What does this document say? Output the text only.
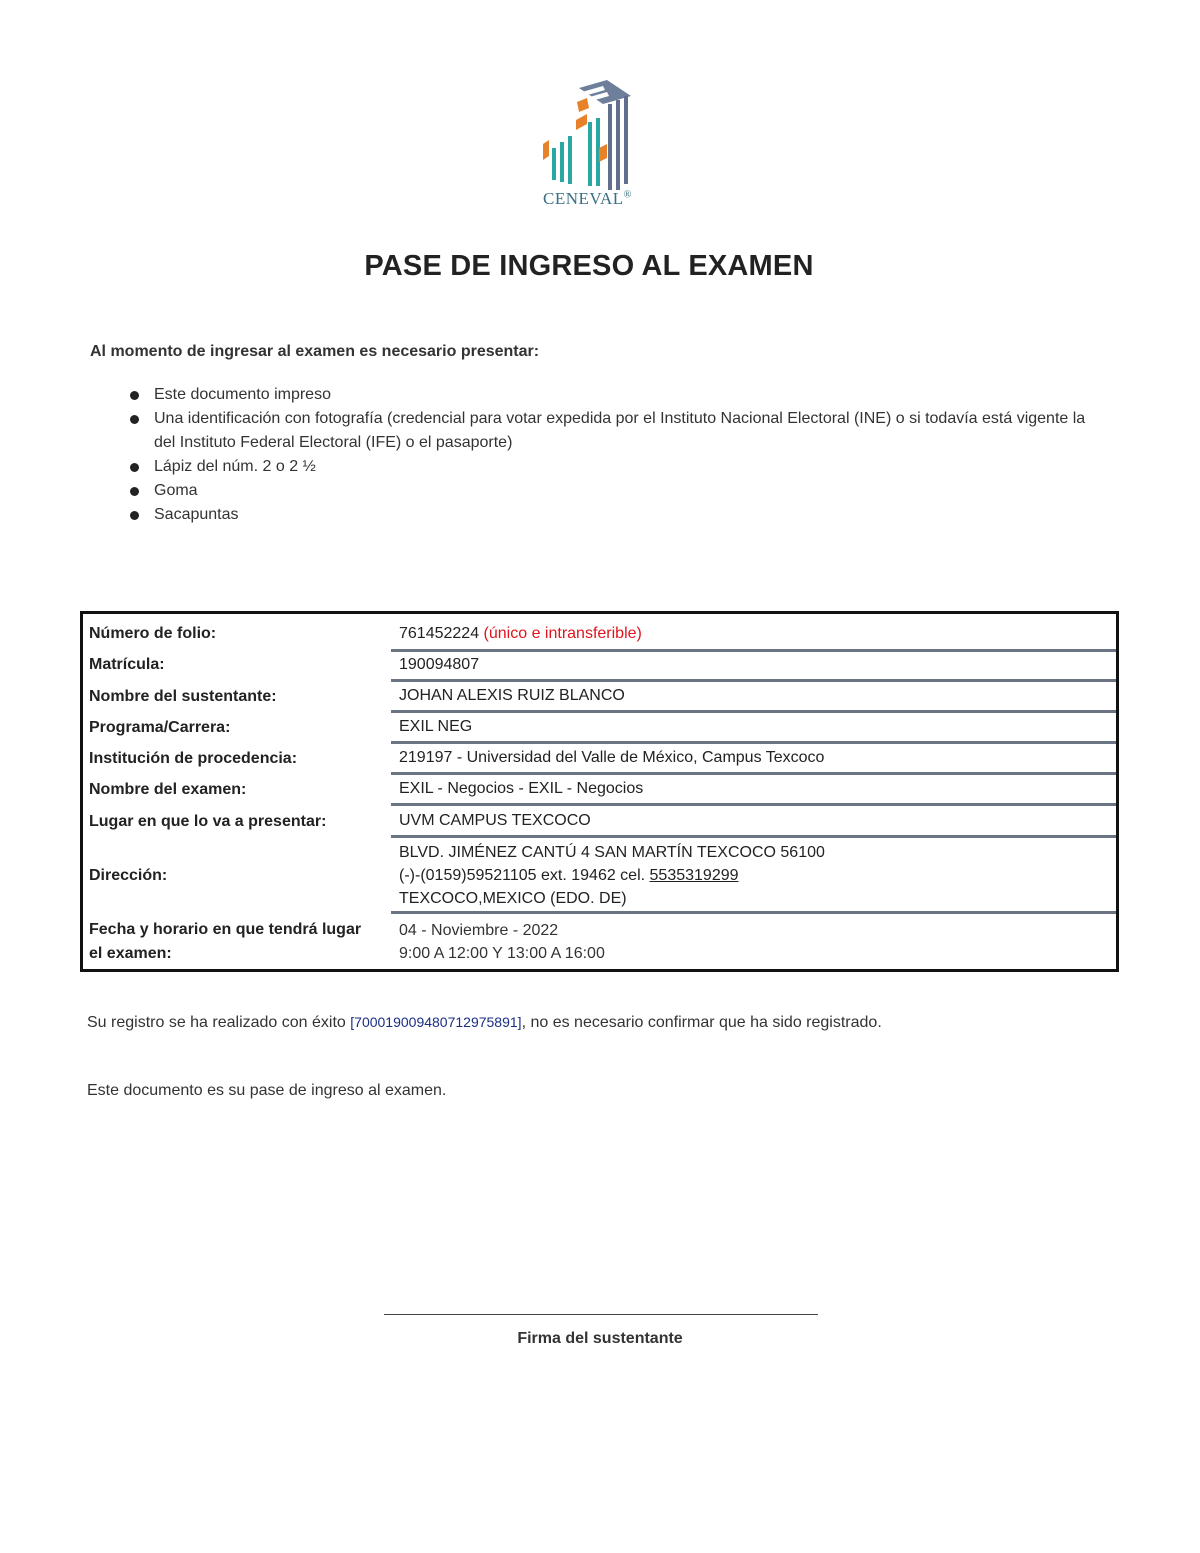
CENEVAL®
PASE DE INGRESO AL EXAMEN
Al momento de ingresar al examen es necesario presentar:
Este documento impreso
Una identificación con fotografía (credencial para votar expedida por el Instituto Nacional Electoral (INE) o si todavía está vigente la del Instituto Federal Electoral (IFE) o el pasaporte)
Lápiz del núm. 2 o 2 ½
Goma
Sacapuntas
Número de folio:	761452224 (único e intransferible)
Matrícula:	190094807
Nombre del sustentante:	JOHAN ALEXIS RUIZ BLANCO
Programa/Carrera:	EXIL NEG
Institución de procedencia:	219197 - Universidad del Valle de México, Campus Texcoco
Nombre del examen:	EXIL - Negocios - EXIL - Negocios
Lugar en que lo va a presentar:	UVM CAMPUS TEXCOCO
Dirección:
BLVD. JIMÉNEZ CANTÚ 4 SAN MARTÍN TEXCOCO 56100
(-)-(0159)59521105 ext. 19462 cel. 5535319299
TEXCOCO,MEXICO (EDO. DE)
Fecha y horario en que tendrá lugar
el examen:
04 - Noviembre - 2022
9:00 A 12:00 Y 13:00 A 16:00
Su registro se ha realizado con éxito [7000190094807129758​91], no es necesario confirmar que ha sido registrado.
Este documento es su pase de ingreso al examen.
Firma del sustentante
